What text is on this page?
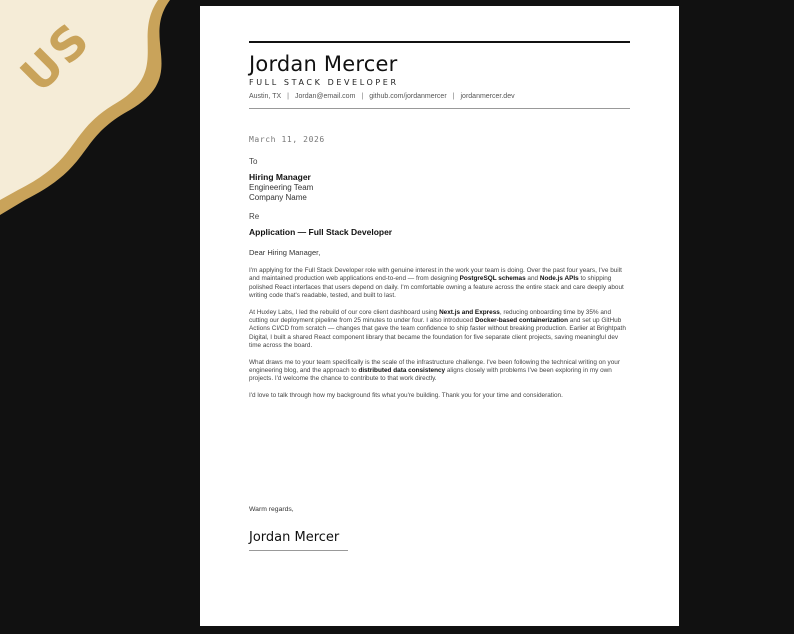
US	Jordan Mercer
FULL STACK DEVELOPER
Austin, TX | Jordan@email.com | github.com/jordanmercer | jordanmercer.dev
March 11, 2026
To
Hiring Manager
Engineering Team
Company Name
Re
Application — Full Stack Developer
Dear Hiring Manager,

I'm applying for the Full Stack Developer role with genuine interest in the work your team is doing. Over the past four years, I've built and maintained production web applications end-to-end — from designing PostgreSQL schemas and Node.js APIs to shipping polished React interfaces that users depend on daily. I'm comfortable owning a feature across the entire stack and care deeply about writing code that's readable, tested, and built to last.

At Huxley Labs, I led the rebuild of our core client dashboard using Next.js and Express, reducing onboarding time by 35% and cutting our deployment pipeline from 25 minutes to under four. I also introduced Docker-based containerization and set up GitHub Actions CI/CD from scratch — changes that gave the team confidence to ship faster without breaking production. Earlier at Brightpath Digital, I built a shared React component library that became the foundation for five separate client projects, saving meaningful dev time across the board.

What draws me to your team specifically is the scale of the infrastructure challenge. I've been following the technical writing on your engineering blog, and the approach to distributed data consistency aligns closely with problems I've been exploring in my own projects. I'd welcome the chance to contribute to that work directly.

I'd love to talk through how my background fits what you're building. Thank you for your time and consideration.

Warm regards,
Jordan Mercer
